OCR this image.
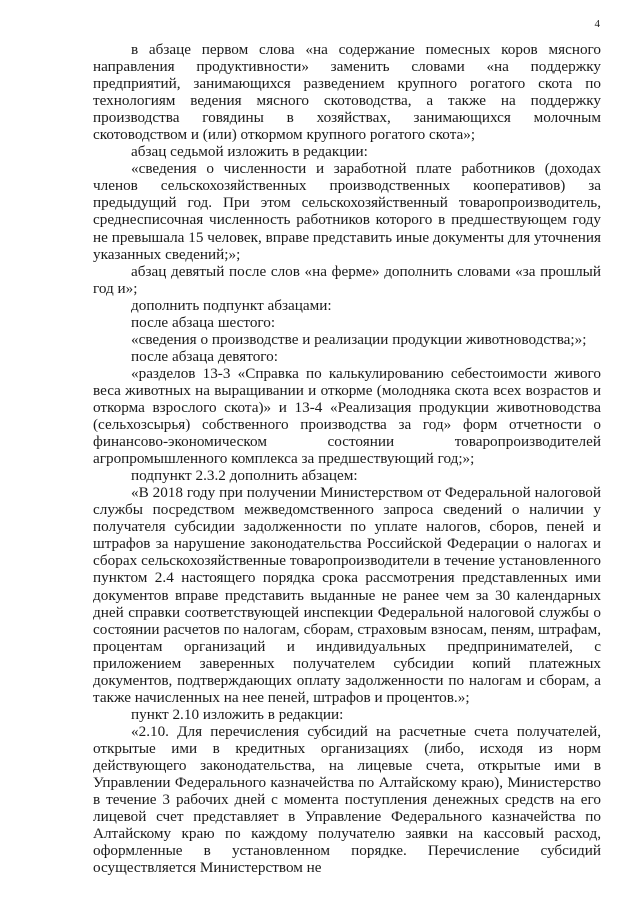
4

в абзаце первом слова «на содержание помесных коров мясного направления продуктивности» заменить словами «на поддержку предприятий, занимающихся разведением крупного рогатого скота по технологиям ведения мясного скотоводства, а также на поддержку производства говядины в хозяйствах, занимающихся молочным скотоводством и (или) откормом крупного рогатого скота»;

абзац седьмой изложить в редакции:

«сведения о численности и заработной плате работников (доходах членов сельскохозяйственных производственных кооперативов) за предыдущий год. При этом сельскохозяйственный товаропроизводитель, среднесписочная численность работников которого в предшествующем году не превышала 15 человек, вправе представить иные документы для уточнения указанных сведений;»;

абзац девятый после слов «на ферме» дополнить словами «за прошлый год и»;

дополнить подпункт абзацами:

после абзаца шестого:

«сведения о производстве и реализации продукции животноводства;»;

после абзаца девятого:

«разделов 13-3 «Справка по калькулированию себестоимости живого веса животных на выращивании и откорме (молодняка скота всех возрастов и откорма взрослого скота)» и 13-4 «Реализация продукции животноводства (сельхозсырья) собственного производства за год» форм отчетности о финансово-экономическом состоянии товаропроизводителей агропромышленного комплекса за предшествующий год;»;

подпункт 2.3.2 дополнить абзацем:

«В 2018 году при получении Министерством от Федеральной налоговой службы посредством межведомственного запроса сведений о наличии у получателя субсидии задолженности по уплате налогов, сборов, пеней и штрафов за нарушение законодательства Российской Федерации о налогах и сборах сельскохозяйственные товаропроизводители в течение установленного пунктом 2.4 настоящего порядка срока рассмотрения представленных ими документов вправе представить выданные не ранее чем за 30 календарных дней справки соответствующей инспекции Федеральной налоговой службы о состоянии расчетов по налогам, сборам, страховым взносам, пеням, штрафам, процентам организаций и индивидуальных предпринимателей, с приложением заверенных получателем субсидии копий платежных документов, подтверждающих оплату задолженности по налогам и сборам, а также начисленных на нее пеней, штрафов и процентов.»;

пункт 2.10 изложить в редакции:

«2.10. Для перечисления субсидий на расчетные счета получателей, открытые ими в кредитных организациях (либо, исходя из норм действующего законодательства, на лицевые счета, открытые ими в Управлении Федерального казначейства по Алтайскому краю), Министерство в течение 3 рабочих дней с момента поступления денежных средств на его лицевой счет представляет в Управление Федерального казначейства по Алтайскому краю по каждому получателю заявки на кассовый расход, оформленные в установленном порядке. Перечисление субсидий осуществляется Министерством не
